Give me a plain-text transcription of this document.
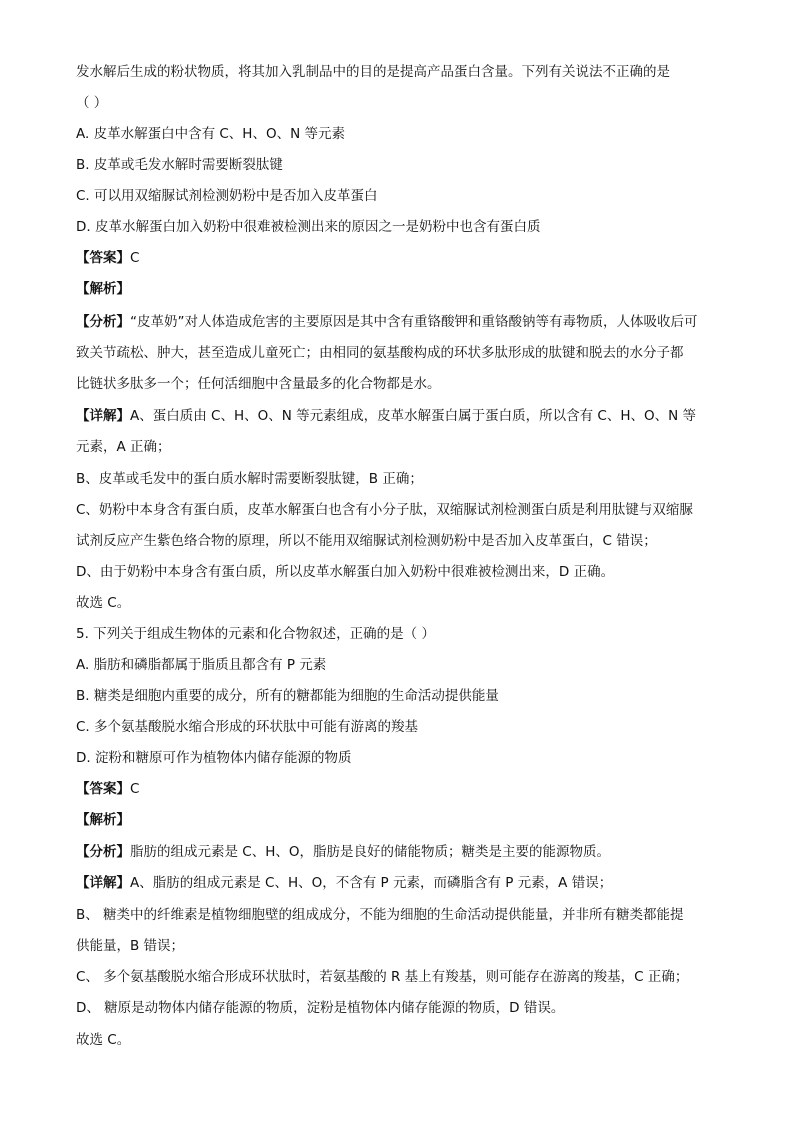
发水解后生成的粉状物质，将其加入乳制品中的目的是提高产品蛋白含量。下列有关说法不正确的是
（ ）
A. 皮革水解蛋白中含有 C、H、O、N 等元素
B. 皮革或毛发水解时需要断裂肽键
C. 可以用双缩脲试剂检测奶粉中是否加入皮革蛋白
D. 皮革水解蛋白加入奶粉中很难被检测出来的原因之一是奶粉中也含有蛋白质
【答案】C
【解析】
【分析】“皮革奶”对人体造成危害的主要原因是其中含有重铬酸钾和重铬酸钠等有毒物质，人体吸收后可
致关节疏松、肿大，甚至造成儿童死亡；由相同的氨基酸构成的环状多肽形成的肽键和脱去的水分子都
比链状多肽多一个；任何活细胞中含量最多的化合物都是水。
【详解】A、蛋白质由 C、H、O、N 等元素组成，皮革水解蛋白属于蛋白质，所以含有 C、H、O、N 等
元素，A 正确；
B、皮革或毛发中的蛋白质水解时需要断裂肽键，B 正确；
C、奶粉中本身含有蛋白质，皮革水解蛋白也含有小分子肽，双缩脲试剂检测蛋白质是利用肽键与双缩脲
试剂反应产生紫色络合物的原理，所以不能用双缩脲试剂检测奶粉中是否加入皮革蛋白，C 错误；
D、由于奶粉中本身含有蛋白质，所以皮革水解蛋白加入奶粉中很难被检测出来，D 正确。
故选 C。
5. 下列关于组成生物体的元素和化合物叙述，正确的是（ ）
A. 脂肪和磷脂都属于脂质且都含有 P 元素
B. 糖类是细胞内重要的成分，所有的糖都能为细胞的生命活动提供能量
C. 多个氨基酸脱水缩合形成的环状肽中可能有游离的羧基
D. 淀粉和糖原可作为植物体内储存能源的物质
【答案】C
【解析】
【分析】脂肪的组成元素是 C、H、O，脂肪是良好的储能物质；糖类是主要的能源物质。
【详解】A、脂肪的组成元素是 C、H、O，不含有 P 元素，而磷脂含有 P 元素，A 错误；
B、 糖类中的纤维素是植物细胞壁的组成成分，不能为细胞的生命活动提供能量，并非所有糖类都能提
供能量，B 错误；
C、 多个氨基酸脱水缩合形成环状肽时，若氨基酸的 R 基上有羧基，则可能存在游离的羧基，C 正确；
D、 糖原是动物体内储存能源的物质，淀粉是植物体内储存能源的物质，D 错误。
故选 C。
